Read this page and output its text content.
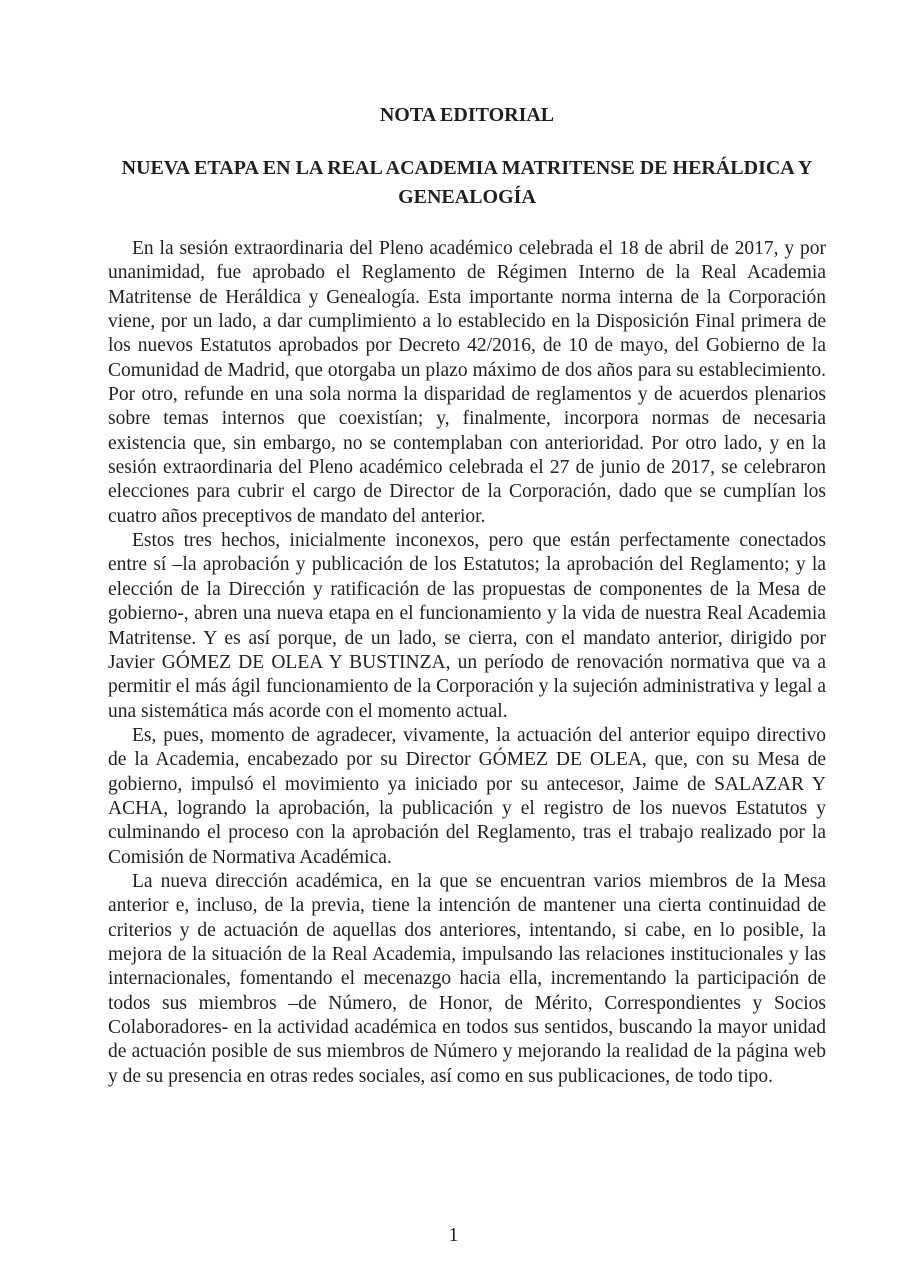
NOTA EDITORIAL
NUEVA ETAPA EN LA REAL ACADEMIA MATRITENSE DE HERÁLDICA Y GENEALOGÍA

En la sesión extraordinaria del Pleno académico celebrada el 18 de abril de 2017, y por unanimidad, fue aprobado el Reglamento de Régimen Interno de la Real Academia Matritense de Heráldica y Genealogía. Esta importante norma interna de la Corporación viene, por un lado, a dar cumplimiento a lo establecido en la Disposición Final primera de los nuevos Estatutos aprobados por Decreto 42/2016, de 10 de mayo, del Gobierno de la Comunidad de Madrid, que otorgaba un plazo máximo de dos años para su establecimiento. Por otro, refunde en una sola norma la disparidad de reglamentos y de acuerdos plenarios sobre temas internos que coexistían; y, finalmente, incorpora normas de necesaria existencia que, sin embargo, no se contemplaban con anterioridad. Por otro lado, y en la sesión extraordinaria del Pleno académico celebrada el 27 de junio de 2017, se celebraron elecciones para cubrir el cargo de Director de la Corporación, dado que se cumplían los cuatro años preceptivos de mandato del anterior.

Estos tres hechos, inicialmente inconexos, pero que están perfectamente conectados entre sí –la aprobación y publicación de los Estatutos; la aprobación del Reglamento; y la elección de la Dirección y ratificación de las propuestas de componentes de la Mesa de gobierno-, abren una nueva etapa en el funcionamiento y la vida de nuestra Real Academia Matritense. Y es así porque, de un lado, se cierra, con el mandato anterior, dirigido por Javier GÓMEZ DE OLEA Y BUSTINZA, un período de renovación normativa que va a permitir el más ágil funcionamiento de la Corporación y la sujeción administrativa y legal a una sistemática más acorde con el momento actual.

Es, pues, momento de agradecer, vivamente, la actuación del anterior equipo directivo de la Academia, encabezado por su Director GÓMEZ DE OLEA, que, con su Mesa de gobierno, impulsó el movimiento ya iniciado por su antecesor, Jaime de SALAZAR Y ACHA, logrando la aprobación, la publicación y el registro de los nuevos Estatutos y culminando el proceso con la aprobación del Reglamento, tras el trabajo realizado por la Comisión de Normativa Académica.

La nueva dirección académica, en la que se encuentran varios miembros de la Mesa anterior e, incluso, de la previa, tiene la intención de mantener una cierta continuidad de criterios y de actuación de aquellas dos anteriores, intentando, si cabe, en lo posible, la mejora de la situación de la Real Academia, impulsando las relaciones institucionales y las internacionales, fomentando el mecenazgo hacia ella, incrementando la participación de todos sus miembros –de Número, de Honor, de Mérito, Correspondientes y Socios Colaboradores- en la actividad académica en todos sus sentidos, buscando la mayor unidad de actuación posible de sus miembros de Número y mejorando la realidad de la página web y de su presencia en otras redes sociales, así como en sus publicaciones, de todo tipo.

1
